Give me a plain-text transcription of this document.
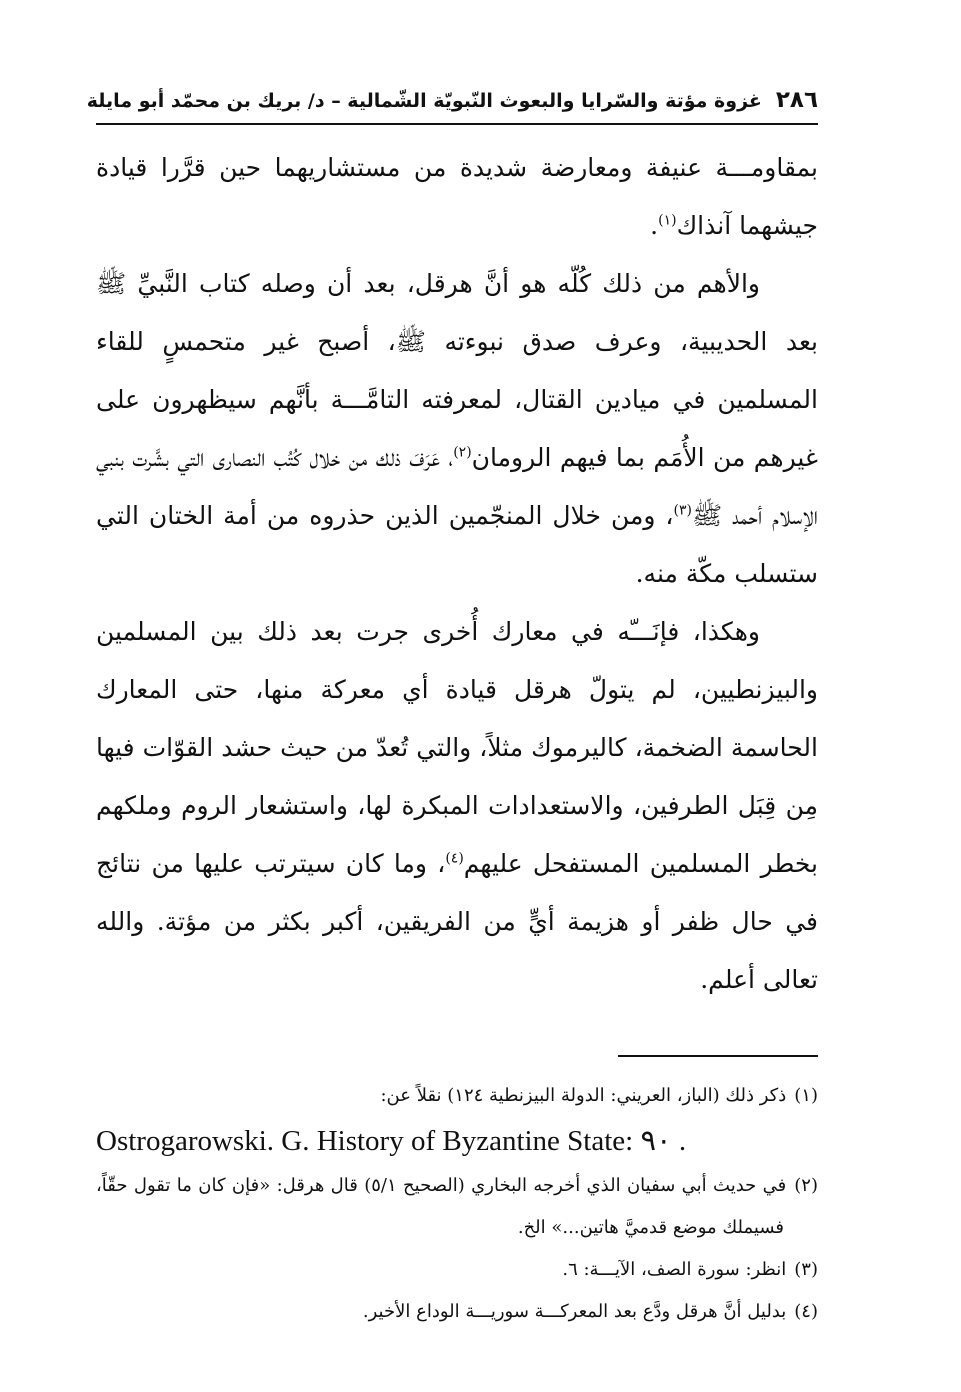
٢٨٦
غزوة مؤتة والسّرايا والبعوث النّبويّة الشّمالية – د/ بريك بن محمّد أبو مايلة

بمقاومـــة عنيفة ومعارضة شديدة من مستشاريهما حين قرَّرا قيادة جيشهما آنذاك$^{(١)}$.

والأهم من ذلك كُلّه هو أنَّ هرقل، بعد أن وصله كتاب النَّبيِّ ﷺ بعد الحديبية، وعرف صدق نبوءته ﷺ، أصبح غير متحمسٍ للقاء المسلمين في ميادين القتال، لمعرفته التامَّـــة بأنَّهم سيظهرون على غيرهم من الأُمَم بما فيهم الرومان$^{(٢)}$، عَرَفَ ذلك من خلال كُتُب النصارى التي بشَّرت بنبي الإسلام أحمد ﷺ$^{(٣)}$، ومن خلال المنجّمين الذين حذروه من أمة الختان التي ستسلب مكّة منه.

وهكذا، فإنَـــّه في معارك أُخرى جرت بعد ذلك بين المسلمين والبيزنطيين، لم يتولّ هرقل قيادة أي معركة منها، حتى المعارك الحاسمة الضخمة، كاليرموك مثلاً، والتي تُعدّ من حيث حشد القوّات فيها مِن قِبَل الطرفين، والاستعدادات المبكرة لها، واستشعار الروم وملكهم بخطر المسلمين المستفحل عليهم$^{(٤)}$، وما كان سيترتب عليها من نتائج في حال ظفر أو هزيمة أيٍّ من الفريقين، أكبر بكثر من مؤتة. والله تعالى أعلم.

(١)ذكر ذلك (الباز، العريني: الدولة البيزنطية ١٢٤) نقلاً عن:

Ostrogarowski. G. History of Byzantine State: ٩٠ .

(٢)في حديث أبي سفيان الذي أخرجه البخاري (الصحيح ٥/١) قال هرقل: «فإن كان ما تقول حقّاً، فسيملك موضع قدميَّ هاتين...» الخ.

(٣)انظر: سورة الصف، الآيـــة: ٦.

(٤)بدليل أنَّ هرقل ودَّع بعد المعركـــة سوريـــة الوداع الأخير.
